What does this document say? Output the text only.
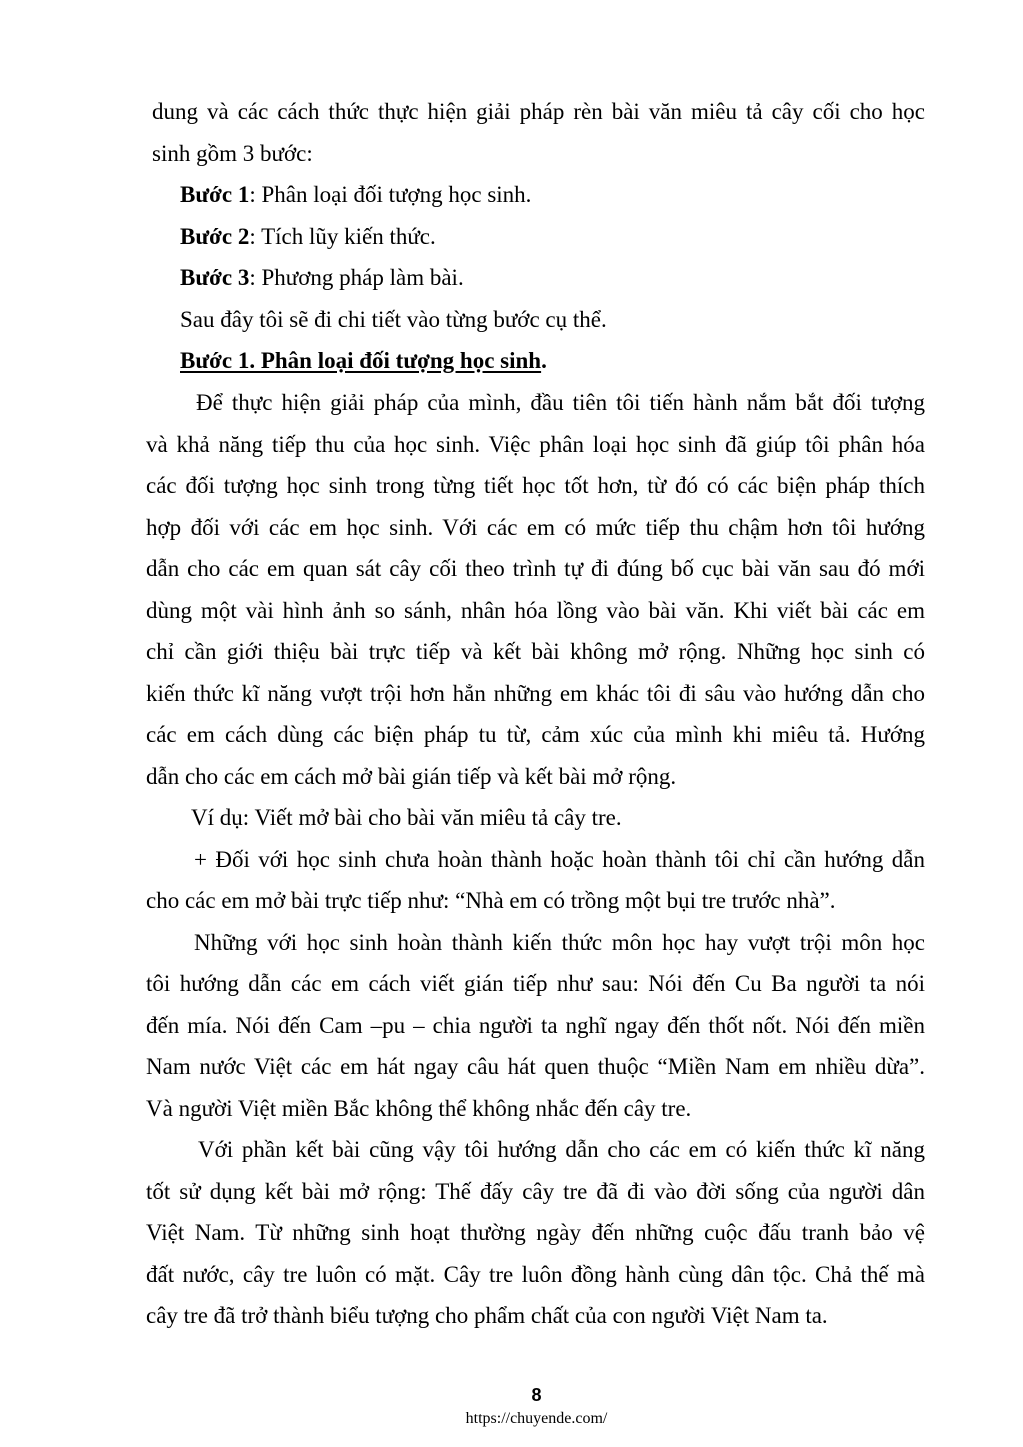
dung và các cách thức thực hiện giải pháp rèn bài văn miêu tả cây cối cho học
sinh gồm 3 bước:
Bước 1: Phân loại đối tượng học sinh.
Bước 2: Tích lũy kiến thức.
Bước 3: Phương pháp làm bài.
Sau đây tôi sẽ đi chi tiết vào từng bước cụ thể.
Bước 1. Phân loại đối tượng học sinh.
Để thực hiện giải pháp của mình, đầu tiên tôi tiến hành nắm bắt đối tượng
và khả năng tiếp thu của học sinh. Việc phân loại học sinh đã giúp tôi phân hóa
các đối tượng học sinh trong từng tiết học tốt hơn, từ đó có các biện pháp thích
hợp đối với các em học sinh. Với các em có mức tiếp thu chậm hơn tôi hướng
dẫn cho các em quan sát cây cối theo trình tự đi đúng bố cục bài văn sau đó mới
dùng một vài hình ảnh so sánh, nhân hóa lồng vào bài văn. Khi viết bài các em
chỉ cần giới thiệu bài trực tiếp và kết bài không mở rộng. Những học sinh có
kiến thức kĩ năng vượt trội hơn hẳn những em khác tôi đi sâu vào hướng dẫn cho
các em cách dùng các biện pháp tu từ, cảm xúc của mình khi miêu tả. Hướng
dẫn cho các em cách mở bài gián tiếp và kết bài mở rộng.
Ví dụ: Viết mở bài cho bài văn miêu tả cây tre.
+ Đối với học sinh chưa hoàn thành hoặc hoàn thành tôi chỉ cần hướng dẫn
cho các em mở bài trực tiếp như: “Nhà em có trồng một bụi tre trước nhà”.
Những với học sinh hoàn thành kiến thức môn học hay vượt trội môn học
tôi hướng dẫn các em cách viết gián tiếp như sau: Nói đến Cu Ba người ta nói
đến mía. Nói đến Cam –pu – chia người ta nghĩ ngay đến thốt nốt. Nói đến miền
Nam nước Việt các em hát ngay câu hát quen thuộc “Miền Nam em nhiều dừa”.
Và người Việt miền Bắc không thể không nhắc đến cây tre.
Với phần kết bài cũng vậy tôi hướng dẫn cho các em có kiến thức kĩ năng
tốt sử dụng kết bài mở rộng: Thế đấy cây tre đã đi vào đời sống của người dân
Việt Nam. Từ những sinh hoạt thường ngày đến những cuộc đấu tranh bảo vệ
đất nước, cây tre luôn có mặt. Cây tre luôn đồng hành cùng dân tộc. Chả thế mà
cây tre đã trở thành biểu tượng cho phẩm chất của con người Việt Nam ta.
8
https://chuyende.com/
